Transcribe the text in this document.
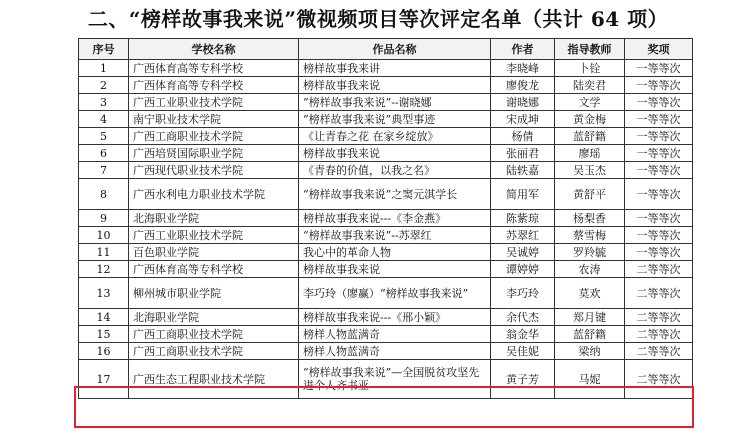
二、“榜样故事我来说”微视频项目等次评定名单（共计 64 项）
序号	学校名称	作品名称	作者	指导教师	奖项
1	广西体育高等专科学校	榜样故事我来讲	李晓峰	卜铨	一等等次
2	广西体育高等专科学校	榜样故事我来说	廖俊龙	陆奕君	一等等次
3	广西工业职业技术学院	“榜样故事我来说”--谢晓娜	谢晓娜	文学	一等等次
4	南宁职业技术学院	“榜样故事我来说”典型事迹	宋成坤	黄金梅	一等等次
5	广西工商职业技术学院	《让青春之花 在家乡绽放》	杨倩	蓝舒籍	一等等次
6	广西培贤国际职业学院	榜样故事我来说	张丽君	廖瑶	一等等次
7	广西现代职业技术学院	《青春的价值，以我之名》	陆轶嘉	吴玉杰	一等等次
8	广西水利电力职业技术学院	“榜样故事我来说”之窦元淇学长	简用军	黄舒平	一等等次
9	北海职业学院	榜样故事我来说---《李金燕》	陈紫琼	杨梨香	一等等次
10	广西工业职业技术学院	“榜样故事我来说”--苏翠红	苏翠红	蔡雪梅	一等等次
11	百色职业学院	我心中的革命人物	吴诚婷	罗羚毓	一等等次
12	广西体育高等专科学校	榜样故事我来说	谭婷婷	农涛	二等等次
13	柳州城市职业学院	李巧玲（廖赢）“榜样故事我来说”	李巧玲	莫欢	二等等次
14	北海职业学院	榜样故事我来说---《邢小颖》	余代杰	郑月键	二等等次
15	广西工商职业技术学院	榜样人物蓝满奇	翁金华	蓝舒籍	二等等次
16	广西工商职业技术学院	榜样人物蓝满奇	吴佳妮	梁纳	二等等次
17	广西生态工程职业技术学院	“榜样故事我来说”—全国脱贫攻坚先进个人齐书亚	黄子芳	马妮	二等等次
